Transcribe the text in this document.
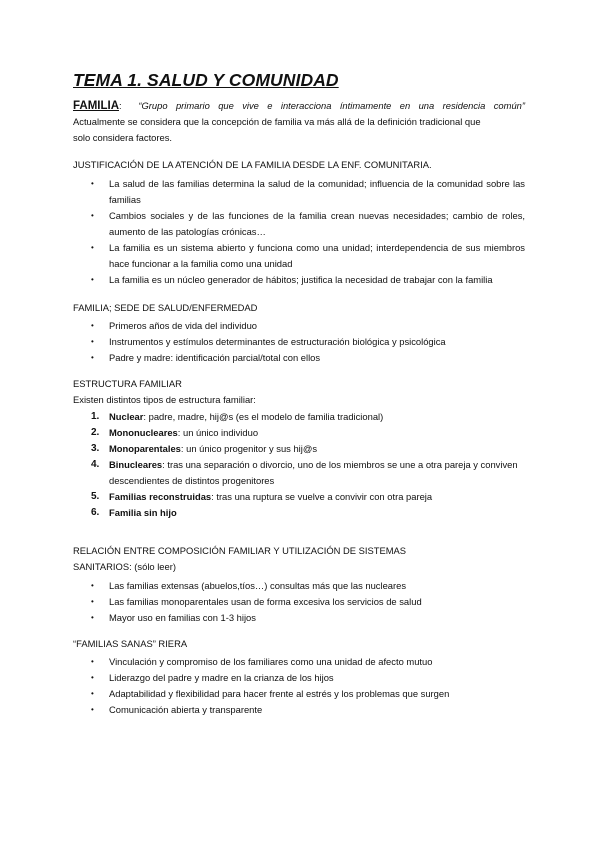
TEMA 1. SALUD Y COMUNIDAD
FAMILIA: “Grupo primario que vive e interacciona íntimamente en una residencia común”
Actualmente se considera que la concepción de familia va más allá de la definición tradicional que
solo considera factores.
JUSTIFICACIÓN DE LA ATENCIÓN DE LA FAMILIA DESDE LA ENF. COMUNITARIA.
• La salud de las familias determina la salud de la comunidad; influencia de la comunidad sobre las familias
• Cambios sociales y de las funciones de la familia crean nuevas necesidades; cambio de roles, aumento de las patologías crónicas…
• La familia es un sistema abierto y funciona como una unidad; interdependencia de sus miembros hace funcionar a la familia como una unidad
• La familia es un núcleo generador de hábitos; justifica la necesidad de trabajar con la familia
FAMILIA; SEDE DE SALUD/ENFERMEDAD
• Primeros años de vida del individuo
• Instrumentos y estímulos determinantes de estructuración biológica y psicológica
• Padre y madre: identificación parcial/total con ellos
ESTRUCTURA FAMILIAR
Existen distintos tipos de estructura familiar:
1. Nuclear: padre, madre, hij@s (es el modelo de familia tradicional)
2. Mononucleares: un único individuo
3. Monoparentales: un único progenitor y sus hij@s
4. Binucleares: tras una separación o divorcio, uno de los miembros se une a otra pareja y conviven descendientes de distintos progenitores
5. Familias reconstruidas: tras una ruptura se vuelve a convivir con otra pareja
6. Familia sin hijo
RELACIÓN ENTRE COMPOSICIÓN FAMILIAR Y UTILIZACIÓN DE SISTEMAS
SANITARIOS: (sólo leer)
• Las familias extensas (abuelos,tíos…) consultas más que las nucleares
• Las familias monoparentales usan de forma excesiva los servicios de salud
• Mayor uso en familias con 1-3 hijos
“FAMILIAS SANAS” RIERA
• Vinculación y compromiso de los familiares como una unidad de afecto mutuo
• Liderazgo del padre y madre en la crianza de los hijos
• Adaptabilidad y flexibilidad para hacer frente al estrés y los problemas que surgen
• Comunicación abierta y transparente
